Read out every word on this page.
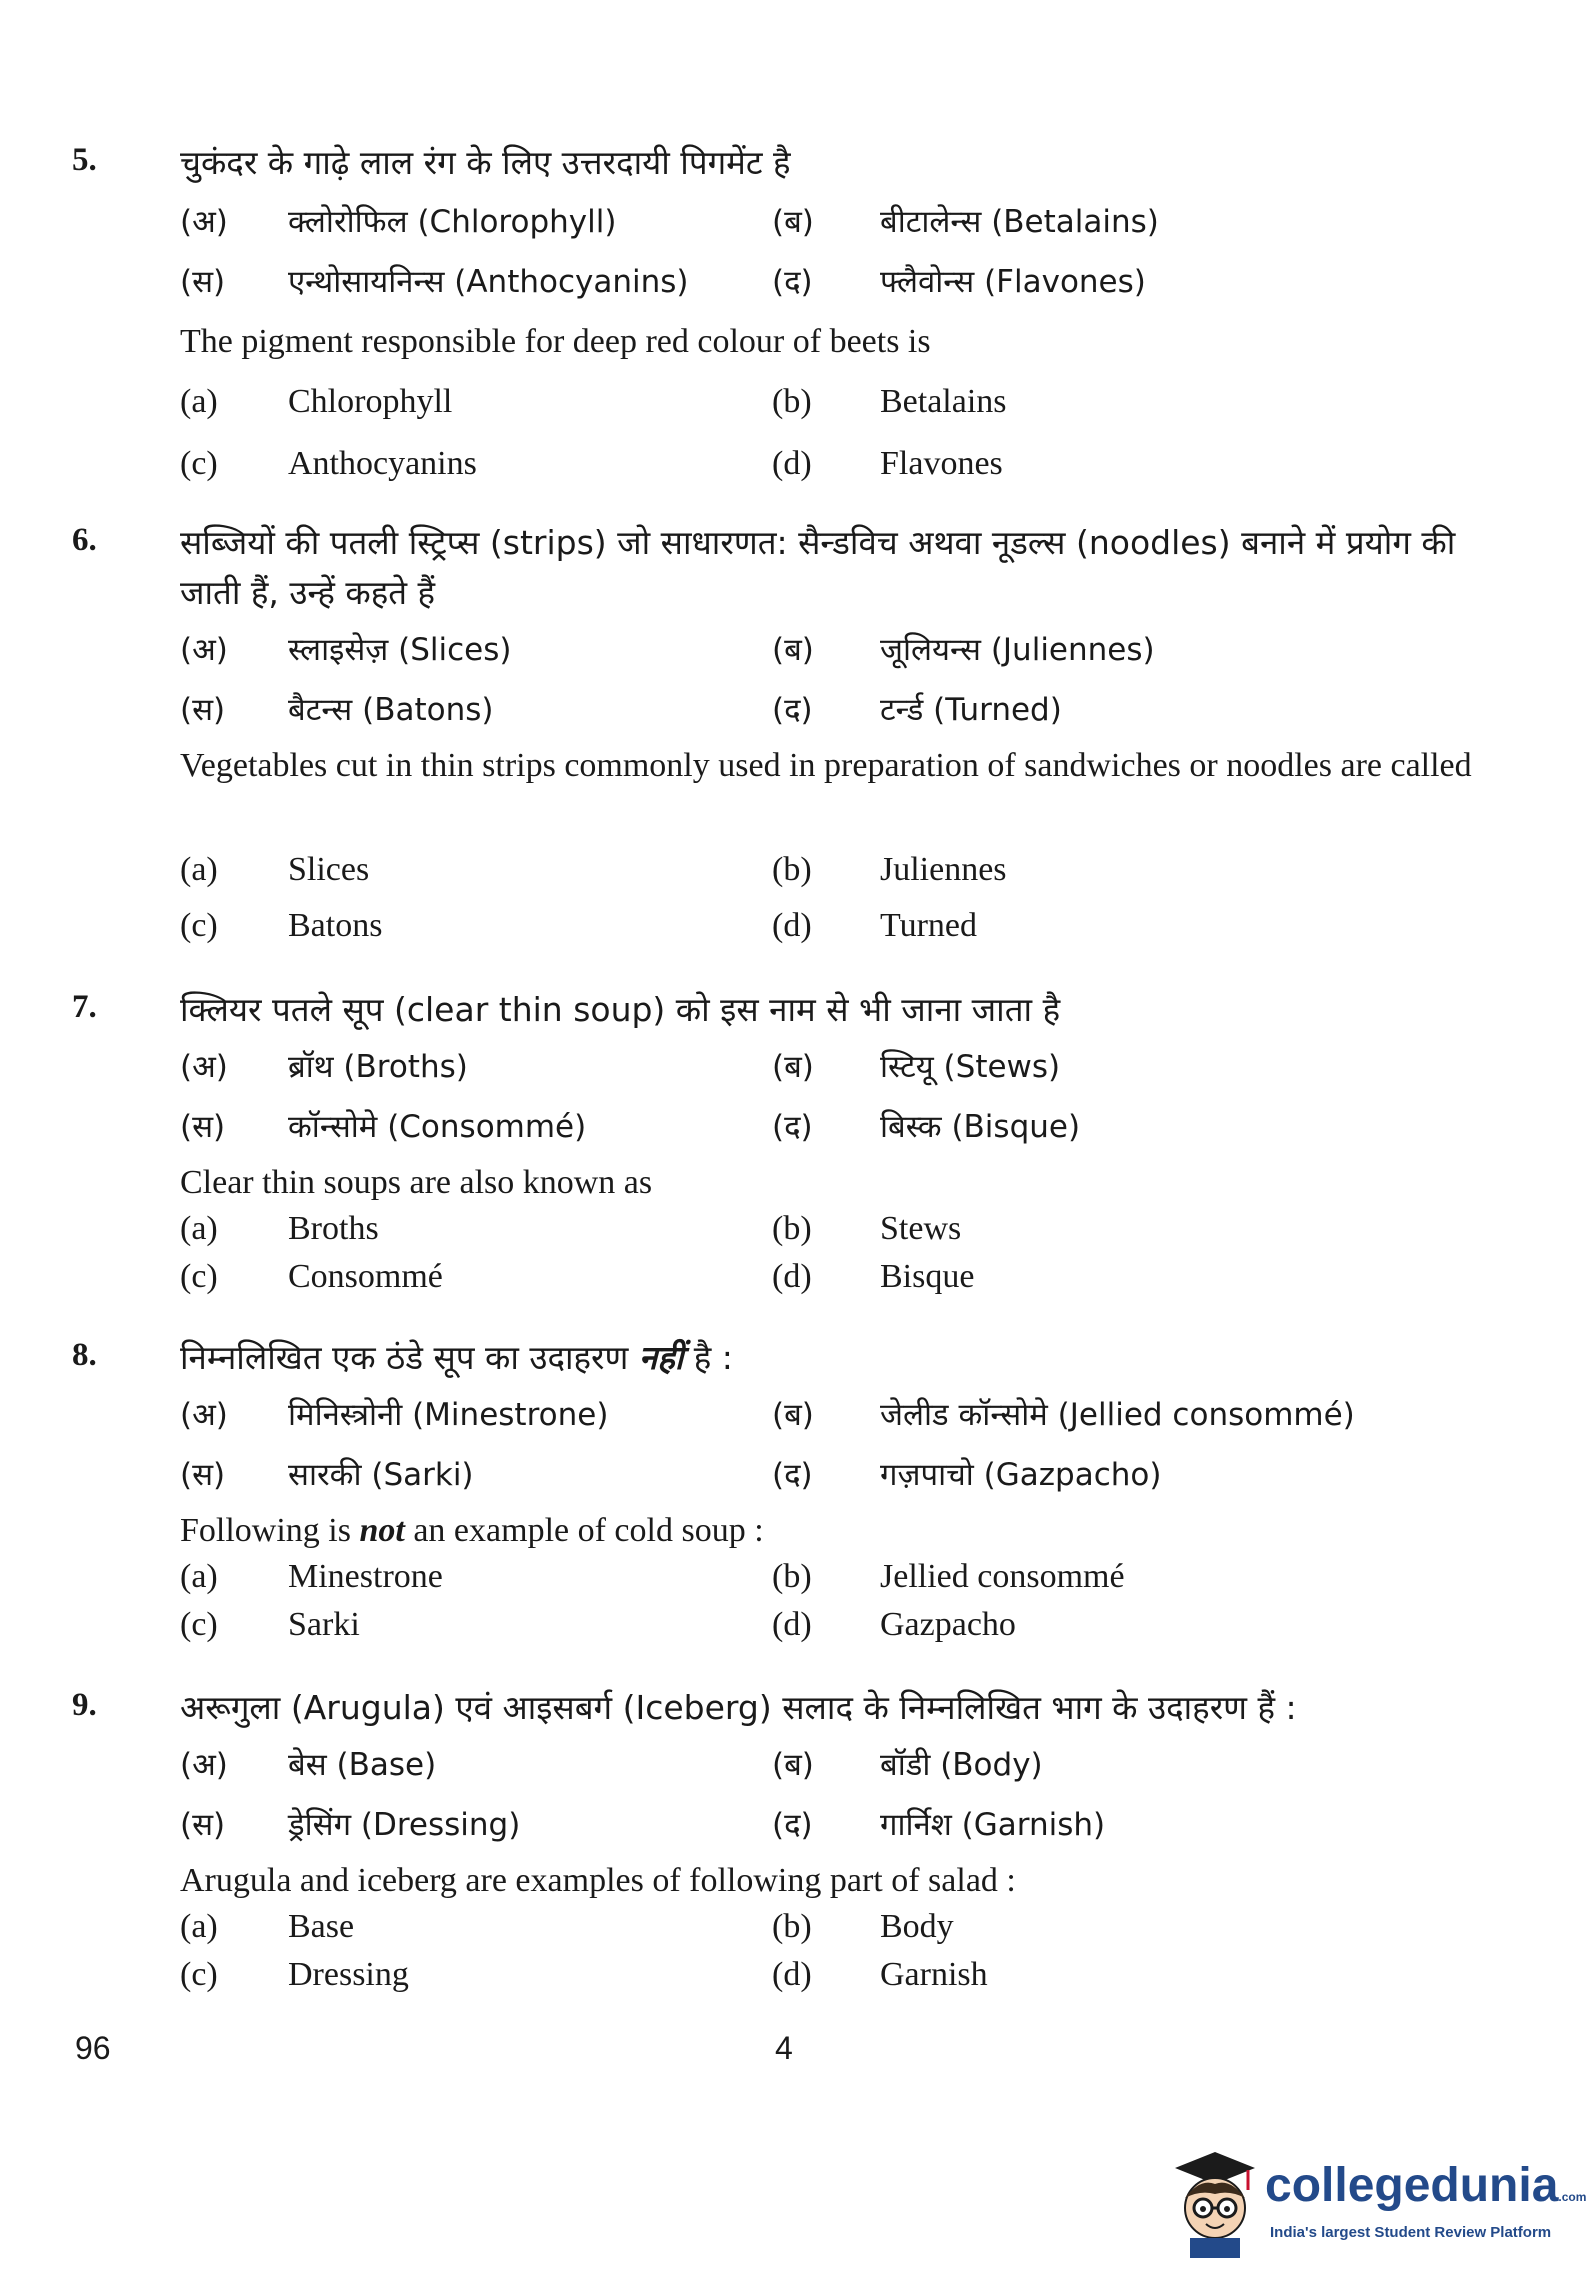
5.	चुकंदर के गाढ़े लाल रंग के लिए उत्तरदायी पिगमेंट है
(अ) क्लोरोफिल (Chlorophyll)	(ब) बीटालेन्स (Betalains)
(स) एन्थोसायनिन्स (Anthocyanins)	(द) फ्लैवोन्स (Flavones)
The pigment responsible for deep red colour of beets is
(a) Chlorophyll	(b) Betalains
(c) Anthocyanins	(d) Flavones
6.	सब्जियों की पतली स्ट्रिप्स (strips) जो साधारणत: सैन्डविच अथवा नूडल्स (noodles) बनाने में प्रयोग की जाती हैं, उन्हें कहते हैं
(अ) स्लाइसेज़ (Slices)	(ब) जूलियन्स (Juliennes)
(स) बैटन्स (Batons)	(द) टर्न्ड (Turned)
Vegetables cut in thin strips commonly used in preparation of sandwiches or noodles are called
(a) Slices	(b) Juliennes
(c) Batons	(d) Turned
7.	क्लियर पतले सूप (clear thin soup) को इस नाम से भी जाना जाता है
(अ) ब्रॉथ (Broths)	(ब) स्टियू (Stews)
(स) कॉन्सोमे (Consommé)	(द) बिस्क (Bisque)
Clear thin soups are also known as
(a) Broths	(b) Stews
(c) Consommé	(d) Bisque
8.	निम्नलिखित एक ठंडे सूप का उदाहरण नहीं है :
(अ) मिनिस्त्रोनी (Minestrone)	(ब) जेलीड कॉन्सोमे (Jellied consommé)
(स) सारकी (Sarki)	(द) गज़पाचो (Gazpacho)
Following is not an example of cold soup :
(a) Minestrone	(b) Jellied consommé
(c) Sarki	(d) Gazpacho
9.	अरूगुला (Arugula) एवं आइसबर्ग (Iceberg) सलाद के निम्नलिखित भाग के उदाहरण हैं :
(अ) बेस (Base)	(ब) बॉडी (Body)
(स) ड्रेसिंग (Dressing)	(द) गार्निश (Garnish)
Arugula and iceberg are examples of following part of salad :
(a) Base	(b) Body
(c) Dressing	(d) Garnish
96	4
collegedunia.com
India's largest Student Review Platform
